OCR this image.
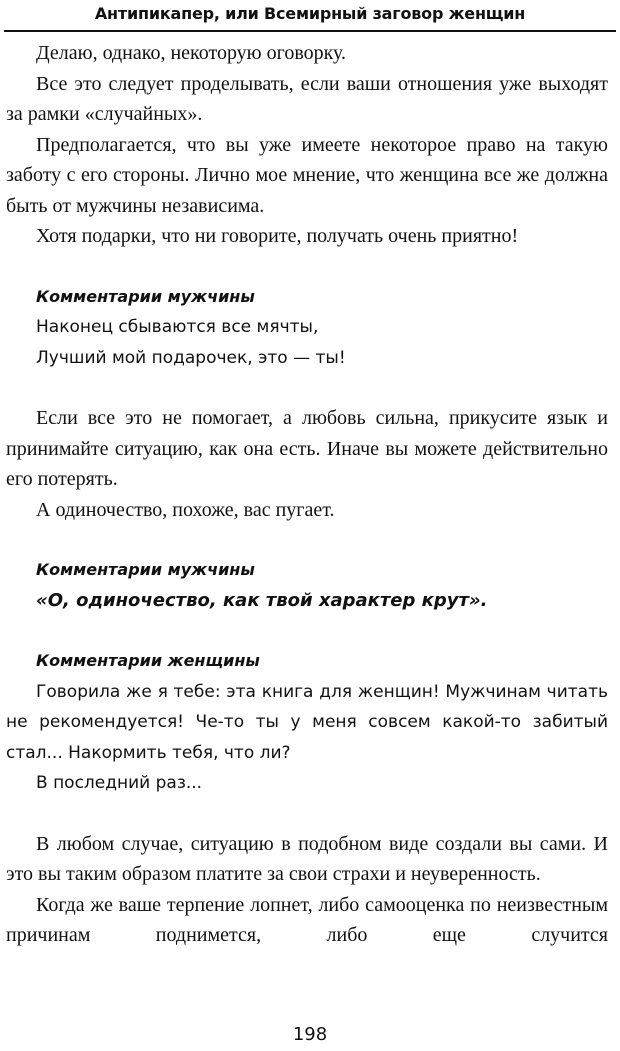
Антипикапер, или Всемирный заговор женщин

Делаю, однако, некоторую оговорку.

Все это следует проделывать, если ваши отношения уже выходят за рамки «случайных».

Предполагается, что вы уже имеете некоторое право на такую заботу с его стороны. Лично мое мнение, что женщина все же должна быть от мужчины независима.

Хотя подарки, что ни говорите, получать очень приятно!

Комментарии мужчины

Наконец сбываются все мячты,

Лучший мой подарочек, это — ты!

Если все это не помогает, а любовь сильна, прикусите язык и принимайте ситуацию, как она есть. Иначе вы можете действительно его потерять.

А одиночество, похоже, вас пугает.

Комментарии мужчины

«О, одиночество, как твой характер крут».

Комментарии женщины

Говорила же я тебе: эта книга для женщин! Мужчинам читать не рекомендуется! Че-то ты у меня совсем какой-то забитый стал... Накормить тебя, что ли?

В последний раз...

В любом случае, ситуацию в подобном виде создали вы сами. И это вы таким образом платите за свои страхи и неуверенность.

Когда же ваше терпение лопнет, либо самооценка по неизвестным причинам поднимется, либо еще случится

198
